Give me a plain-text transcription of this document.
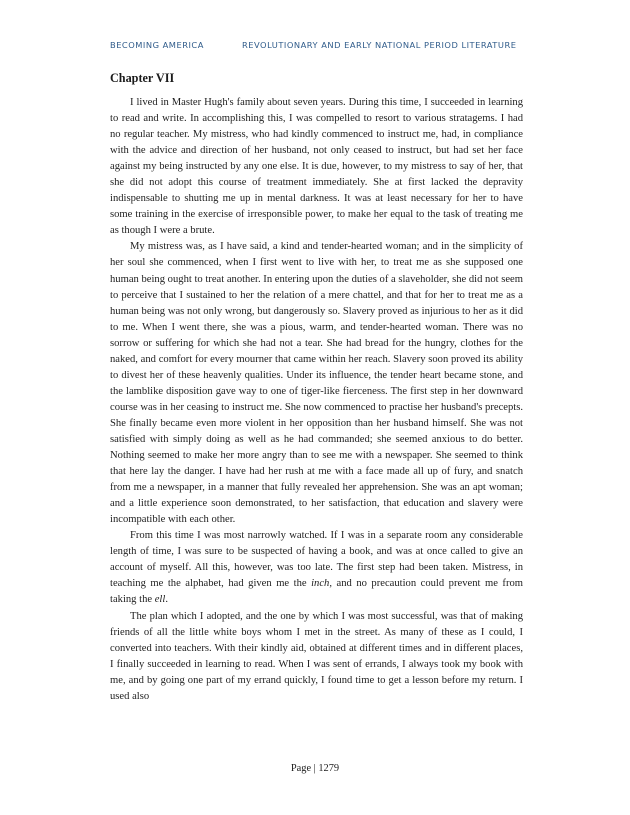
BECOMING AMERICA	REVOLUTIONARY AND EARLY NATIONAL PERIOD LITERATURE
Chapter VII

I lived in Master Hugh's family about seven years. During this time, I succeeded in learning to read and write. In accomplishing this, I was compelled to resort to various stratagems. I had no regular teacher. My mistress, who had kindly commenced to instruct me, had, in compliance with the advice and direction of her husband, not only ceased to instruct, but had set her face against my being instructed by any one else. It is due, however, to my mistress to say of her, that she did not adopt this course of treatment immediately. She at first lacked the depravity indispensable to shutting me up in mental darkness. It was at least necessary for her to have some training in the exercise of irresponsible power, to make her equal to the task of treating me as though I were a brute.

My mistress was, as I have said, a kind and tender-hearted woman; and in the simplicity of her soul she commenced, when I first went to live with her, to treat me as she supposed one human being ought to treat another. In entering upon the duties of a slaveholder, she did not seem to perceive that I sustained to her the relation of a mere chattel, and that for her to treat me as a human being was not only wrong, but dangerously so. Slavery proved as injurious to her as it did to me. When I went there, she was a pious, warm, and tender-hearted woman. There was no sorrow or suffering for which she had not a tear. She had bread for the hungry, clothes for the naked, and comfort for every mourner that came within her reach. Slavery soon proved its ability to divest her of these heavenly qualities. Under its influence, the tender heart became stone, and the lamblike disposition gave way to one of tiger-like fierceness. The first step in her downward course was in her ceasing to instruct me. She now commenced to practise her husband's precepts. She finally became even more violent in her opposition than her husband himself. She was not satisfied with simply doing as well as he had commanded; she seemed anxious to do better. Nothing seemed to make her more angry than to see me with a newspaper. She seemed to think that here lay the danger. I have had her rush at me with a face made all up of fury, and snatch from me a newspaper, in a manner that fully revealed her apprehension. She was an apt woman; and a little experience soon demonstrated, to her satisfaction, that education and slavery were incompatible with each other.

From this time I was most narrowly watched. If I was in a separate room any considerable length of time, I was sure to be suspected of having a book, and was at once called to give an account of myself. All this, however, was too late. The first step had been taken. Mistress, in teaching me the alphabet, had given me the inch, and no precaution could prevent me from taking the ell.

The plan which I adopted, and the one by which I was most successful, was that of making friends of all the little white boys whom I met in the street. As many of these as I could, I converted into teachers. With their kindly aid, obtained at different times and in different places, I finally succeeded in learning to read. When I was sent of errands, I always took my book with me, and by going one part of my errand quickly, I found time to get a lesson before my return. I used also

Page | 1279
